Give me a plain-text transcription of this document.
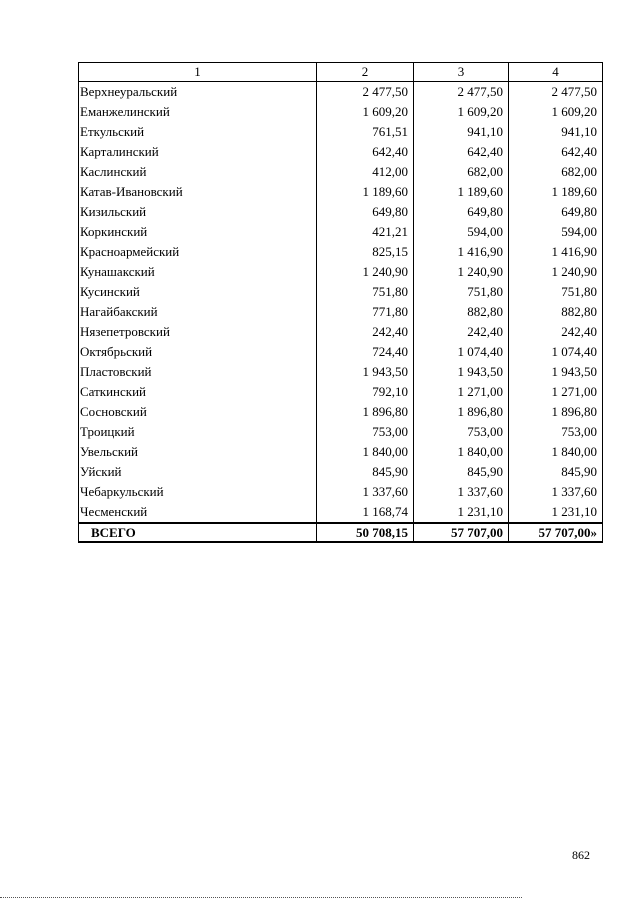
1	2	3	4
Верхнеуральский	2 477,50	2 477,50	2 477,50
Еманжелинский	1 609,20	1 609,20	1 609,20
Еткульский	761,51	941,10	941,10
Карталинский	642,40	642,40	642,40
Каслинский	412,00	682,00	682,00
Катав-Ивановский	1 189,60	1 189,60	1 189,60
Кизильский	649,80	649,80	649,80
Коркинский	421,21	594,00	594,00
Красноармейский	825,15	1 416,90	1 416,90
Кунашакский	1 240,90	1 240,90	1 240,90
Кусинский	751,80	751,80	751,80
Нагайбакский	771,80	882,80	882,80
Нязепетровский	242,40	242,40	242,40
Октябрьский	724,40	1 074,40	1 074,40
Пластовский	1 943,50	1 943,50	1 943,50
Саткинский	792,10	1 271,00	1 271,00
Сосновский	1 896,80	1 896,80	1 896,80
Троицкий	753,00	753,00	753,00
Увельский	1 840,00	1 840,00	1 840,00
Уйский	845,90	845,90	845,90
Чебаркульский	1 337,60	1 337,60	1 337,60
Чесменский	1 168,74	1 231,10	1 231,10
ВСЕГО	50 708,15	57 707,00	57 707,00»
862
